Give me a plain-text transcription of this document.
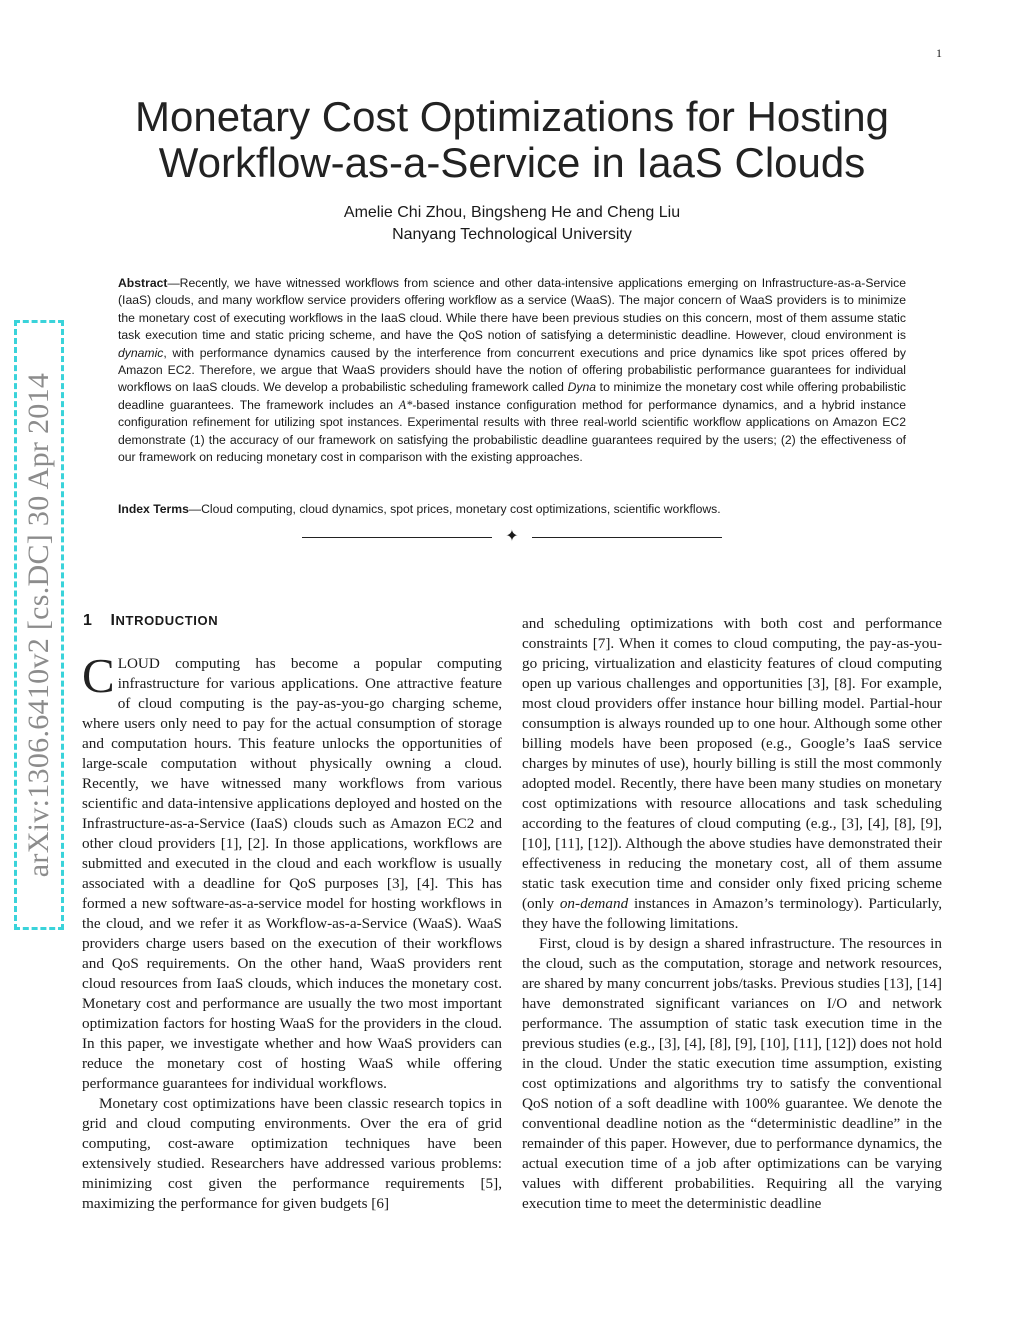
1
arXiv:1306.6410v2 [cs.DC] 30 Apr 2014
Monetary Cost Optimizations for Hosting
Workflow-as-a-Service in IaaS Clouds
Amelie Chi Zhou, Bingsheng He and Cheng Liu
Nanyang Technological University
Abstract—Recently, we have witnessed workflows from science and other data-intensive applications emerging on Infrastructure-as-a-Service (IaaS) clouds, and many workflow service providers offering workflow as a service (WaaS). The major concern of WaaS providers is to minimize the monetary cost of executing workflows in the IaaS cloud. While there have been previous studies on this concern, most of them assume static task execution time and static pricing scheme, and have the QoS notion of satisfying a deterministic deadline. However, cloud environment is dynamic, with performance dynamics caused by the interference from concurrent executions and price dynamics like spot prices offered by Amazon EC2. Therefore, we argue that WaaS providers should have the notion of offering probabilistic performance guarantees for individual workflows on IaaS clouds. We develop a probabilistic scheduling framework called Dyna to minimize the monetary cost while offering probabilistic deadline guarantees. The framework includes an A*-based instance configuration method for performance dynamics, and a hybrid instance configuration refinement for utilizing spot instances. Experimental results with three real-world scientific workflow applications on Amazon EC2 demonstrate (1) the accuracy of our framework on satisfying the probabilistic deadline guarantees required by the users; (2) the effectiveness of our framework on reducing monetary cost in comparison with the existing approaches.
Index Terms—Cloud computing, cloud dynamics, spot prices, monetary cost optimizations, scientific workflows.
✦
1 INTRODUCTION

CLOUD computing has become a popular computing infrastructure for various applications. One attractive feature of cloud computing is the pay-as-you-go charging scheme, where users only need to pay for the actual consumption of storage and computation hours. This feature unlocks the opportunities of large-scale computation without physically owning a cloud. Recently, we have witnessed many workflows from various scientific and data-intensive applications deployed and hosted on the Infrastructure-as-a-Service (IaaS) clouds such as Amazon EC2 and other cloud providers [1], [2]. In those applications, workflows are submitted and executed in the cloud and each workflow is usually associated with a deadline for QoS purposes [3], [4]. This has formed a new software-as-a-service model for hosting workflows in the cloud, and we refer it as Workflow-as-a-Service (WaaS). WaaS providers charge users based on the execution of their workflows and QoS requirements. On the other hand, WaaS providers rent cloud resources from IaaS clouds, which induces the monetary cost. Monetary cost and performance are usually the two most important optimization factors for hosting WaaS for the providers in the cloud. In this paper, we investigate whether and how WaaS providers can reduce the monetary cost of hosting WaaS while offering performance guarantees for individual workflows.

Monetary cost optimizations have been classic research topics in grid and cloud computing environments. Over the era of grid computing, cost-aware optimization techniques have been extensively studied. Researchers have addressed various problems: minimizing cost given the performance requirements [5], maximizing the performance for given budgets [6]

and scheduling optimizations with both cost and performance constraints [7]. When it comes to cloud computing, the pay-as-you-go pricing, virtualization and elasticity features of cloud computing open up various challenges and opportunities [3], [8]. For example, most cloud providers offer instance hour billing model. Partial-hour consumption is always rounded up to one hour. Although some other billing models have been proposed (e.g., Google’s IaaS service charges by minutes of use), hourly billing is still the most commonly adopted model. Recently, there have been many studies on monetary cost optimizations with resource allocations and task scheduling according to the features of cloud computing (e.g., [3], [4], [8], [9], [10], [11], [12]). Although the above studies have demonstrated their effectiveness in reducing the monetary cost, all of them assume static task execution time and consider only fixed pricing scheme (only on-demand instances in Amazon’s terminology). Particularly, they have the following limitations.

First, cloud is by design a shared infrastructure. The resources in the cloud, such as the computation, storage and network resources, are shared by many concurrent jobs/tasks. Previous studies [13], [14] have demonstrated significant variances on I/O and network performance. The assumption of static task execution time in the previous studies (e.g., [3], [4], [8], [9], [10], [11], [12]) does not hold in the cloud. Under the static execution time assumption, existing cost optimizations and algorithms try to satisfy the conventional QoS notion of a soft deadline with 100% guarantee. We denote the conventional deadline notion as the “deterministic deadline” in the remainder of this paper. However, due to performance dynamics, the actual execution time of a job after optimizations can be varying values with different probabilities. Requiring all the varying execution time to meet the deterministic deadline
